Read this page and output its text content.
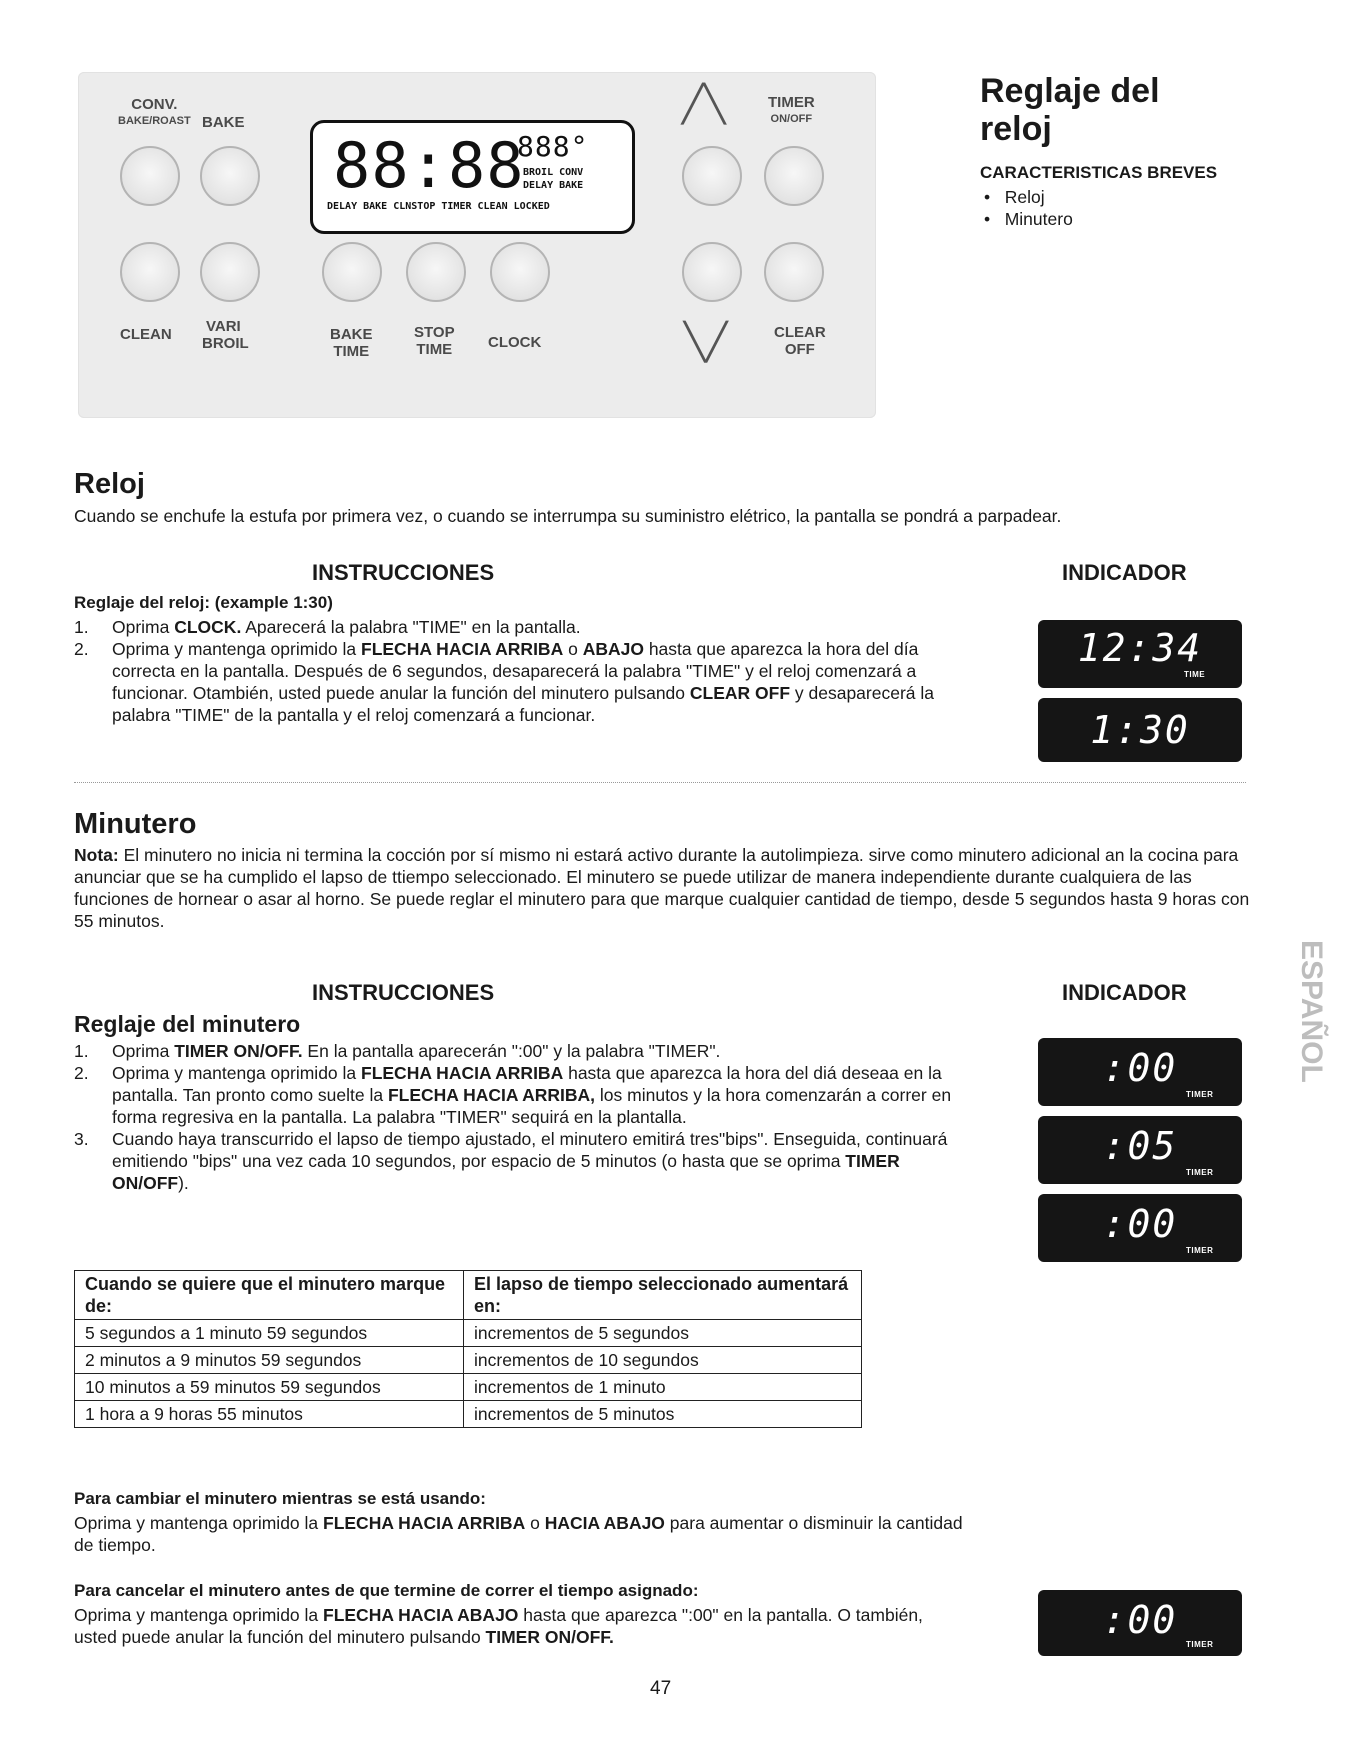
CONV.
BAKE/ROAST BAKE
88:88
888°
BROIL CONV
DELAY BAKE
DELAY BAKE CLNSTOP TIMER CLEAN LOCKED
╱╲	TIMER
ON/OFF
CLEAN	VARI
BROIL
BAKE
TIME
STOP
TIME CLOCK	╲╱	CLEAR
OFF
Reglaje del reloj
CARACTERISTICAS BREVES
•   Reloj
•   Minutero
Reloj
Cuando se enchufe la estufa por primera vez, o cuando se interrumpa su suministro elétrico, la pantalla se pondrá a parpadear.
INSTRUCCIONES	INDICADOR
Reglaje del reloj: (example 1:30)
1.	Oprima CLOCK. Aparecerá la palabra "TIME" en la pantalla.
2.	Oprima y mantenga oprimido la FLECHA HACIA ARRIBA o ABAJO hasta que aparezca la hora del día correcta en la pantalla. Después de 6 segundos, desaparecerá la palabra "TIME" y el reloj comenzará a funcionar. Otambién, usted puede anular la función del minutero pulsando CLEAR OFF y desaparecerá la palabra "TIME" de la pantalla y el reloj comenzará a funcionar.
12:34
TIME
1:30
Minutero
Nota: El minutero no inicia ni termina la cocción por sí mismo ni estará activo durante la autolimpieza. sirve como minutero adicional an la cocina para anunciar que se ha cumplido el lapso de ttiempo seleccionado. El minutero se puede utilizar de manera independiente durante cualquiera de las funciones de hornear o asar al horno. Se puede reglar el minutero para que marque cualquier cantidad de tiempo, desde 5 segundos hasta 9 horas con 55 minutos.
INSTRUCCIONES	INDICADOR
Reglaje del minutero
1.	Oprima TIMER ON/OFF. En la pantalla aparecerán ":00" y la palabra "TIMER".
2.	Oprima y mantenga oprimido la FLECHA HACIA ARRIBA hasta que aparezca la hora del diá deseaa en la pantalla. Tan pronto como suelte la FLECHA HACIA ARRIBA, los minutos y la hora comenzarán a correr en forma regresiva en la pantalla. La palabra "TIMER" sequirá en la plantalla.
3.	Cuando haya transcurrido el lapso de tiempo ajustado, el minutero emitirá tres"bips". Enseguida, continuará emitiendo "bips" una vez cada 10 segundos, por espacio de 5 minutos (o hasta que se oprima TIMER ON/OFF).
:00
TIMER
:05
TIMER
:00
TIMER
ESPAÑOL
Cuando se quiere que el minutero marque de:	El lapso de tiempo seleccionado aumentará en:
5 segundos a 1 minuto 59 segundos	incrementos de 5 segundos
2 minutos a 9 minutos 59 segundos	incrementos de 10 segundos
10 minutos a 59 minutos 59 segundos	incrementos de 1 minuto
1 hora a 9 horas 55 minutos	incrementos de 5 minutos
Para cambiar el minutero mientras se está usando:
Oprima y mantenga oprimido la FLECHA HACIA ARRIBA o HACIA ABAJO para aumentar o disminuir la cantidad de tiempo.
Para cancelar el minutero antes de que termine de correr el tiempo asignado:
Oprima y mantenga oprimido la FLECHA HACIA ABAJO hasta que aparezca ":00" en la pantalla. O también, usted puede anular la función del minutero pulsando TIMER ON/OFF.	:00
TIMER
47
